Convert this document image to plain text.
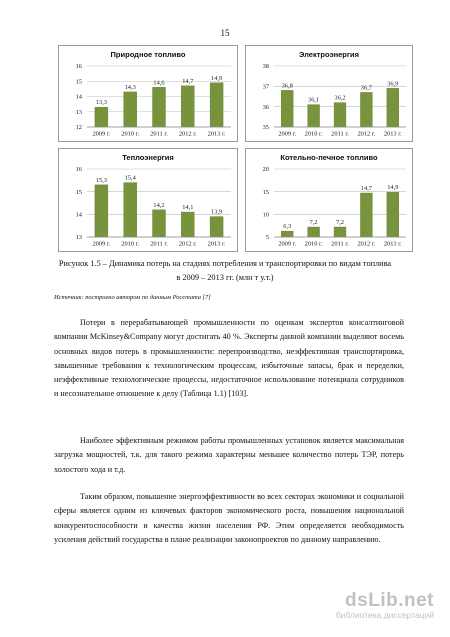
15
Природное топливо
12
13
14
15
16
13,3
2009 г.
14,3
2010 г.
14,6
2011 г.
14,7
2012 г.
14,9
2013 г.
Электроэнергия
35
36
37
38
36,8
2009 г.
36,1
2010 г.
36,2
2011 г.
36,7
2012 г.
36,9
2013 г.
Теплоэнергия
13
14
15
16
15,3
2009 г.
15,4
2010 г.
14,2
2011 г.
14,1
2012 г.
13,9
2013 г.
Котельно-печное топливо
5
10
15
20
6,3
2009 г.
7,2
2010 г.
7,2
2011 г.
14,7
2012 г.
14,9
2013 г.
Рисунок 1.5 – Динамика потерь на стадиях потребления и транспортировки по видам топлива
в 2009 – 2013 гг. (млн т у.т.)
Источник: построено автором по данным Росстата [7]
Потери в перерабатывающей промышленности по оценкам экспертов консалтинговой компании McKinsey&Company могут достигать 40 %. Эксперты данной компании выделяют восемь основных видов потерь в промышленности: перепроизводство, неэффективная транспортировка, завышенные требования к технологическим процессам, избыточные запасы, брак и переделки, неэффективные технологические процессы, недостаточное использование потенциала сотрудников и несознательное отношение к делу (Таблица 1.1) [103].
Наиболее эффективным режимом работы промышленных установок является максимальная загрузка мощностей, т.к. для такого режима характерны меньшее количество потерь ТЭР, потерь холостого хода и т.д.
Таким образом, повышение энергоэффективности во всех секторах экономики и социальной сферы является одним из ключевых факторов экономического роста, повышения национальной конкурентоспособности и качества жизни населения РФ. Этим определяется необходимость усиления действий государства в плане реализации законопроектов по данному направлению.
dsLib.net
библиотека диссертаций
